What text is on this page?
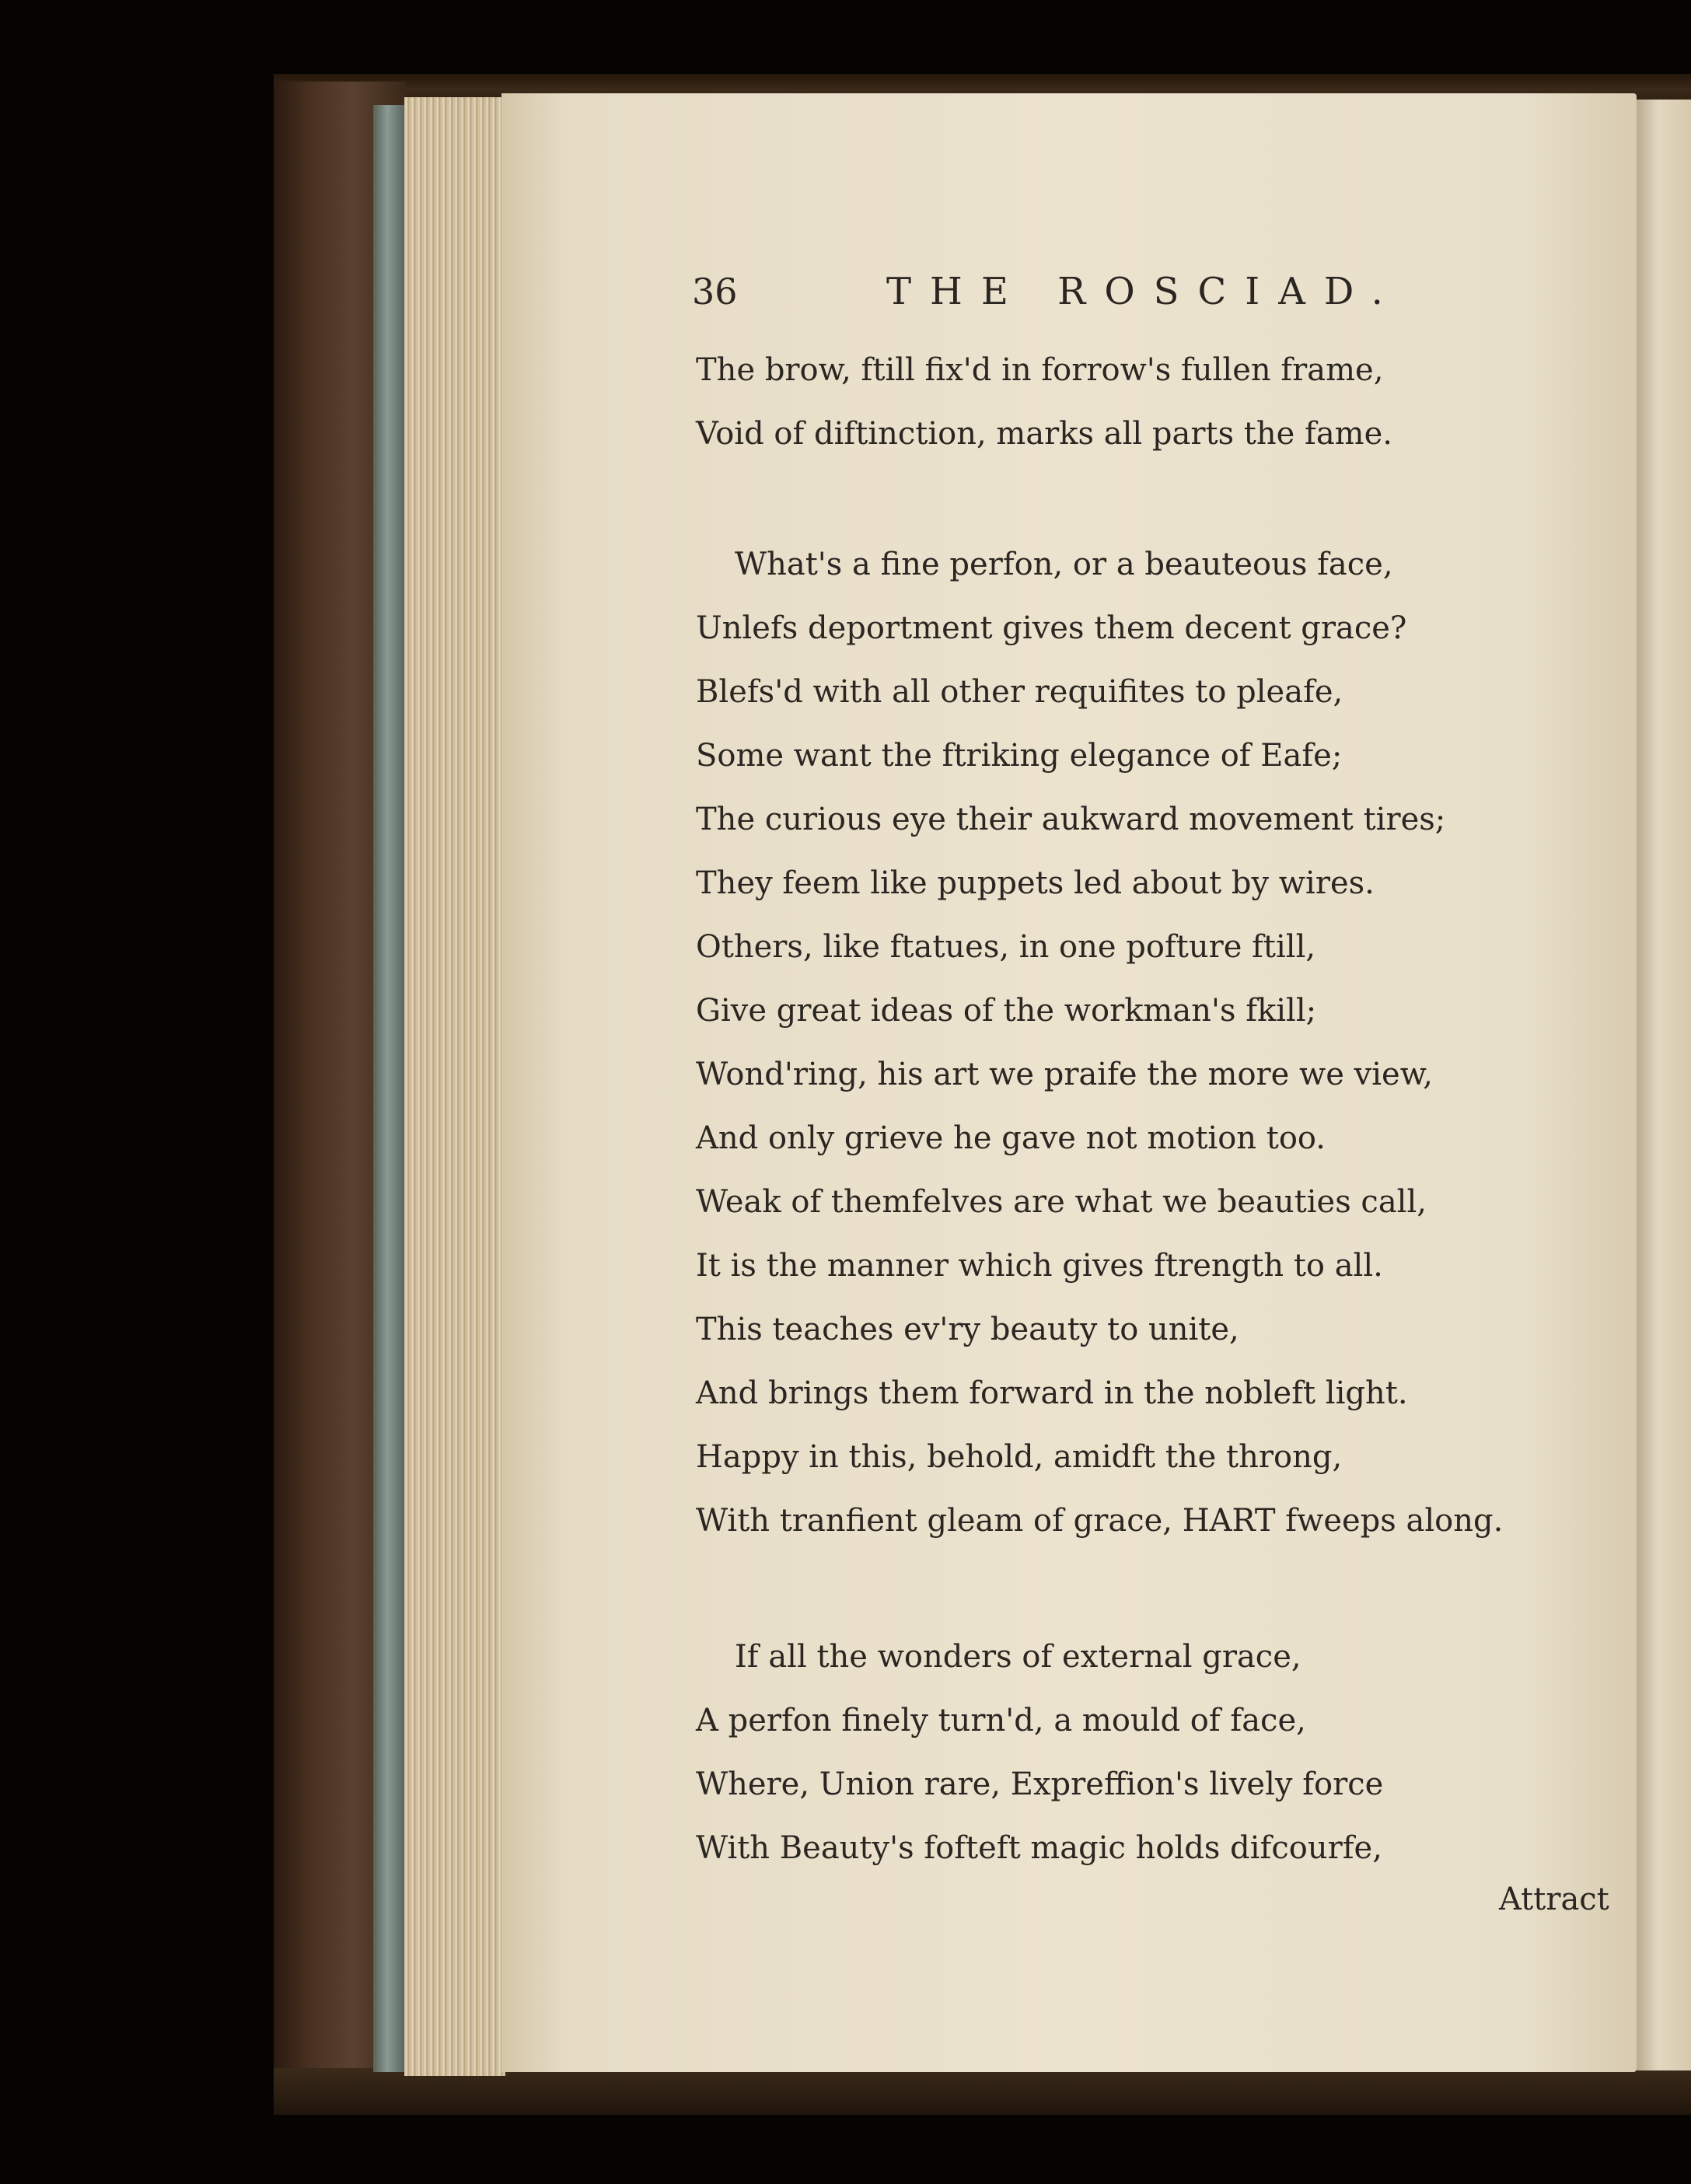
36	THE ROSCIAD.
The brow, ftill fix'd in forrow's fullen frame,
Void of diftinction, marks all parts the fame.
What's a fine perfon, or a beauteous face,
Unlefs deportment gives them decent grace?
Blefs'd with all other requifites to pleafe,
Some want the ftriking elegance of Eafe;
The curious eye their aukward movement tires;
They feem like puppets led about by wires.
Others, like ftatues, in one pofture ftill,
Give great ideas of the workman's fkill;
Wond'ring, his art we praife the more we view,
And only grieve he gave not motion too.
Weak of themfelves are what we beauties call,
It is the manner which gives ftrength to all.
This teaches ev'ry beauty to unite,
And brings them forward in the nobleft light.
Happy in this, behold, amidft the throng,
With tranfient gleam of grace, HART fweeps along.
If all the wonders of external grace,
A perfon finely turn'd, a mould of face,
Where, Union rare, Expreffion's lively force
With Beauty's fofteft magic holds difcourfe,
Attract
